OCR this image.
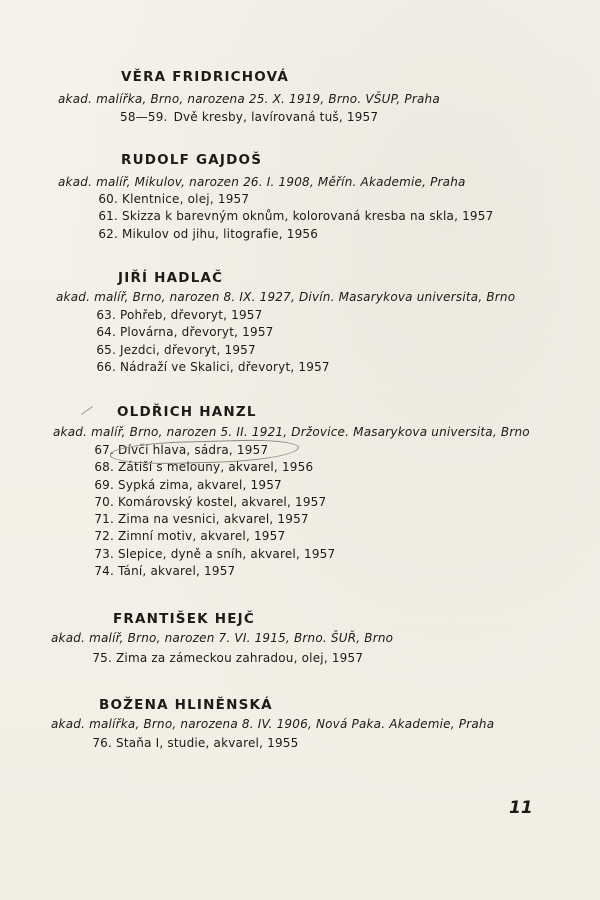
VĚRA FRIDRICHOVÁ
akad. malířka, Brno, narozena 25. X. 1919, Brno. VŠUP, Praha
58—59. Dvě kresby, lavírovaná tuš, 1957
RUDOLF GAJDOŠ
akad. malíř, Mikulov, narozen 26. I. 1908, Měřín. Akademie, Praha
60. Klentnice, olej, 1957
61. Skizza k barevným oknům, kolorovaná kresba na skla, 1957
62. Mikulov od jihu, litografie, 1956
JIŘÍ HADLAČ
akad. malíř, Brno, narozen 8. IX. 1927, Divín. Masarykova universita, Brno
63. Pohřeb, dřevoryt, 1957
64. Plovárna, dřevoryt, 1957
65. Jezdci, dřevoryt, 1957
66. Nádraží ve Skalici, dřevoryt, 1957
OLDŘICH HANZL
akad. malíř, Brno, narozen 5. II. 1921, Držovice. Masarykova universita, Brno
67. Dívčí hlava, sádra, 1957
68. Zátiší s melouny, akvarel, 1956
69. Sypká zima, akvarel, 1957
70. Komárovský kostel, akvarel, 1957
71. Zima na vesnici, akvarel, 1957
72. Zimní motiv, akvarel, 1957
73. Slepice, dyně a sníh, akvarel, 1957
74. Tání, akvarel, 1957
FRANTIŠEK HEJČ
akad. malíř, Brno, narozen 7. VI. 1915, Brno. ŠUŘ, Brno
75. Zima za zámeckou zahradou, olej, 1957
BOŽENA HLINĚNSKÁ
akad. malířka, Brno, narozena 8. IV. 1906, Nová Paka. Akademie, Praha
76. Staňa I, studie, akvarel, 1955
11
